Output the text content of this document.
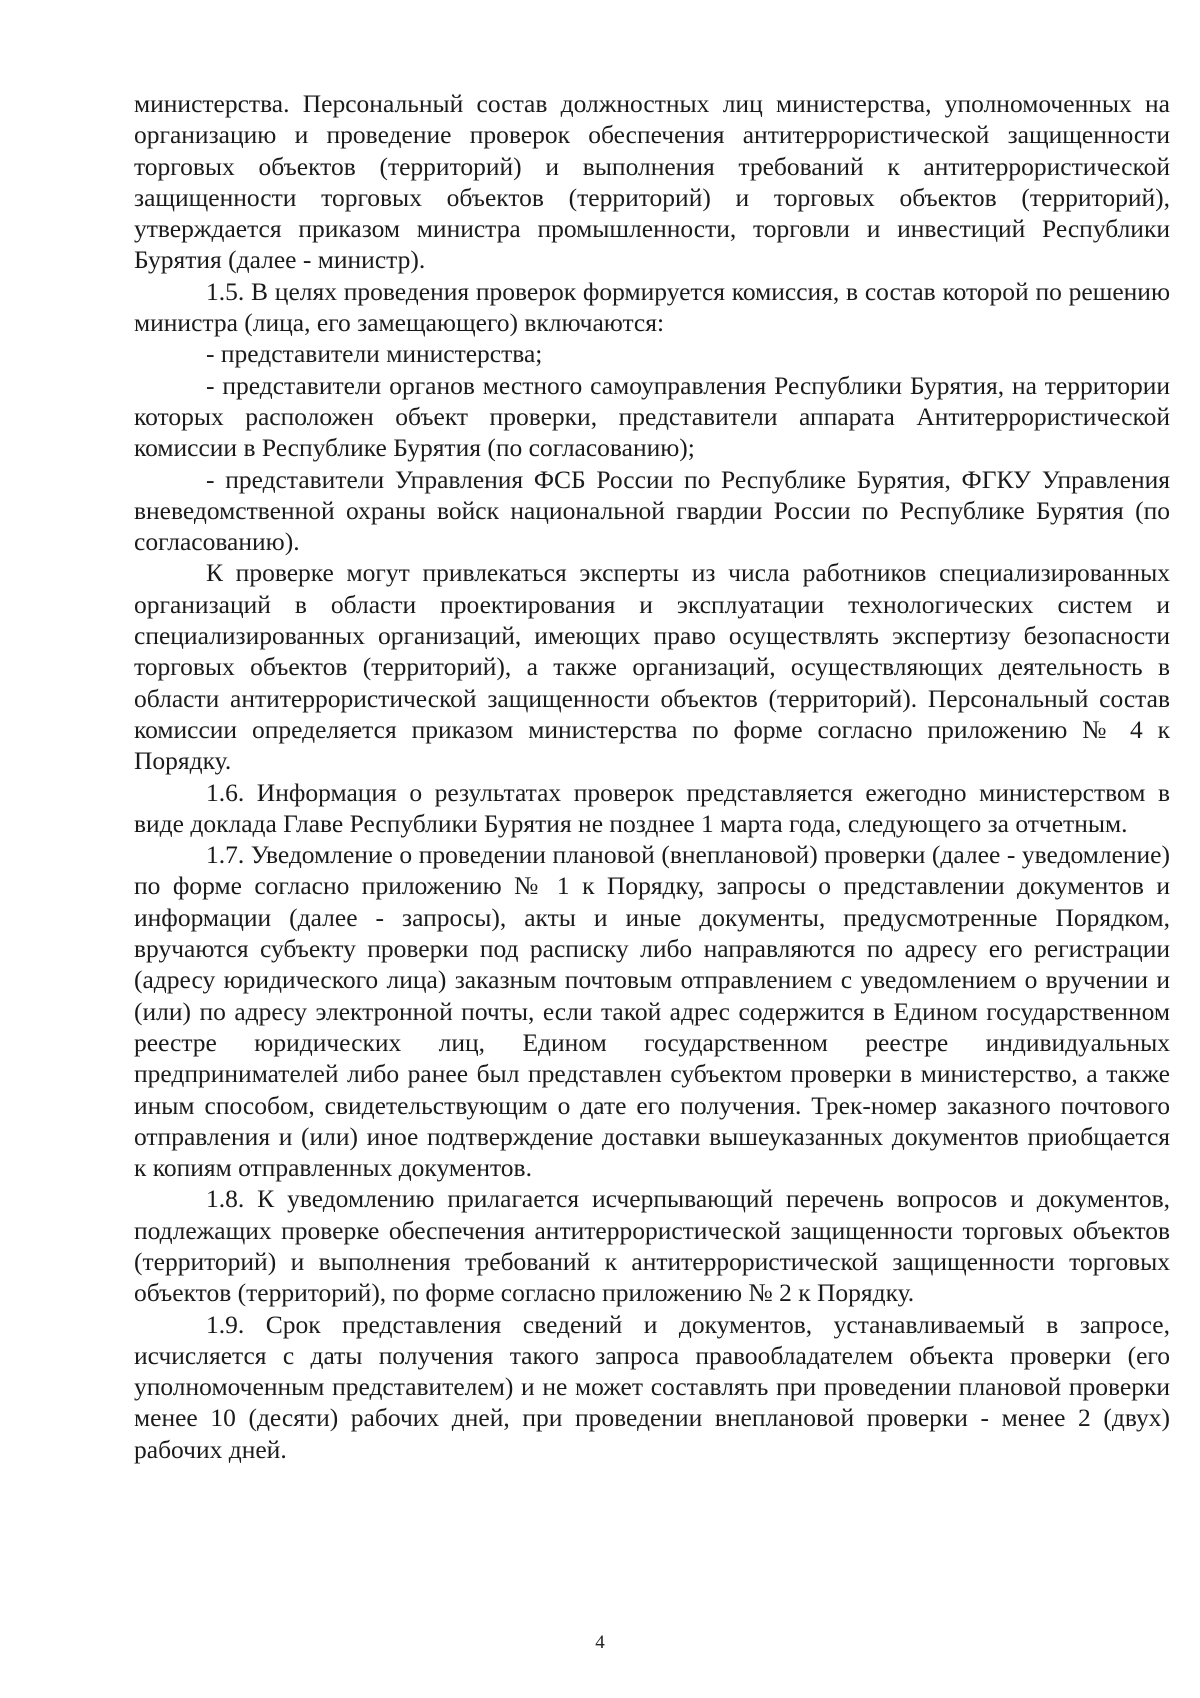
министерства. Персональный состав должностных лиц министерства, уполномоченных на организацию и проведение проверок обеспечения антитеррористической защищенности торговых объектов (территорий) и выполнения требований к антитеррористической защищенности торговых объектов (территорий) и торговых объектов (территорий), утверждается приказом министра промышленности, торговли и инвестиций Республики Бурятия (далее - министр).

1.5. В целях проведения проверок формируется комиссия, в состав которой по решению министра (лица, его замещающего) включаются:

- представители министерства;

- представители органов местного самоуправления Республики Бурятия, на территории которых расположен объект проверки, представители аппарата Антитеррористической комиссии в Республике Бурятия (по согласованию);

- представители Управления ФСБ России по Республике Бурятия, ФГКУ Управления вневедомственной охраны войск национальной гвардии России по Республике Бурятия (по согласованию).

К проверке могут привлекаться эксперты из числа работников специализированных организаций в области проектирования и эксплуатации технологических систем и специализированных организаций, имеющих право осуществлять экспертизу безопасности торговых объектов (территорий), а также организаций, осуществляющих деятельность в области антитеррористической защищенности объектов (территорий). Персональный состав комиссии определяется приказом министерства по форме согласно приложению № 4 к Порядку.

1.6. Информация о результатах проверок представляется ежегодно министерством в виде доклада Главе Республики Бурятия не позднее 1 марта года, следующего за отчетным.

1.7. Уведомление о проведении плановой (внеплановой) проверки (далее - уведомление) по форме согласно приложению № 1 к Порядку, запросы о представлении документов и информации (далее - запросы), акты и иные документы, предусмотренные Порядком, вручаются субъекту проверки под расписку либо направляются по адресу его регистрации (адресу юридического лица) заказным почтовым отправлением с уведомлением о вручении и (или) по адресу электронной почты, если такой адрес содержится в Едином государственном реестре юридических лиц, Едином государственном реестре индивидуальных предпринимателей либо ранее был представлен субъектом проверки в министерство, а также иным способом, свидетельствующим о дате его получения. Трек-номер заказного почтового отправления и (или) иное подтверждение доставки вышеуказанных документов приобщается к копиям отправленных документов.

1.8. К уведомлению прилагается исчерпывающий перечень вопросов и документов, подлежащих проверке обеспечения антитеррористической защищенности торговых объектов (территорий) и выполнения требований к антитеррористической защищенности торговых объектов (территорий), по форме согласно приложению № 2 к Порядку.

1.9. Срок представления сведений и документов, устанавливаемый в запросе, исчисляется с даты получения такого запроса правообладателем объекта проверки (его уполномоченным представителем) и не может составлять при проведении плановой проверки менее 10 (десяти) рабочих дней, при проведении внеплановой проверки - менее 2 (двух) рабочих дней.

4
